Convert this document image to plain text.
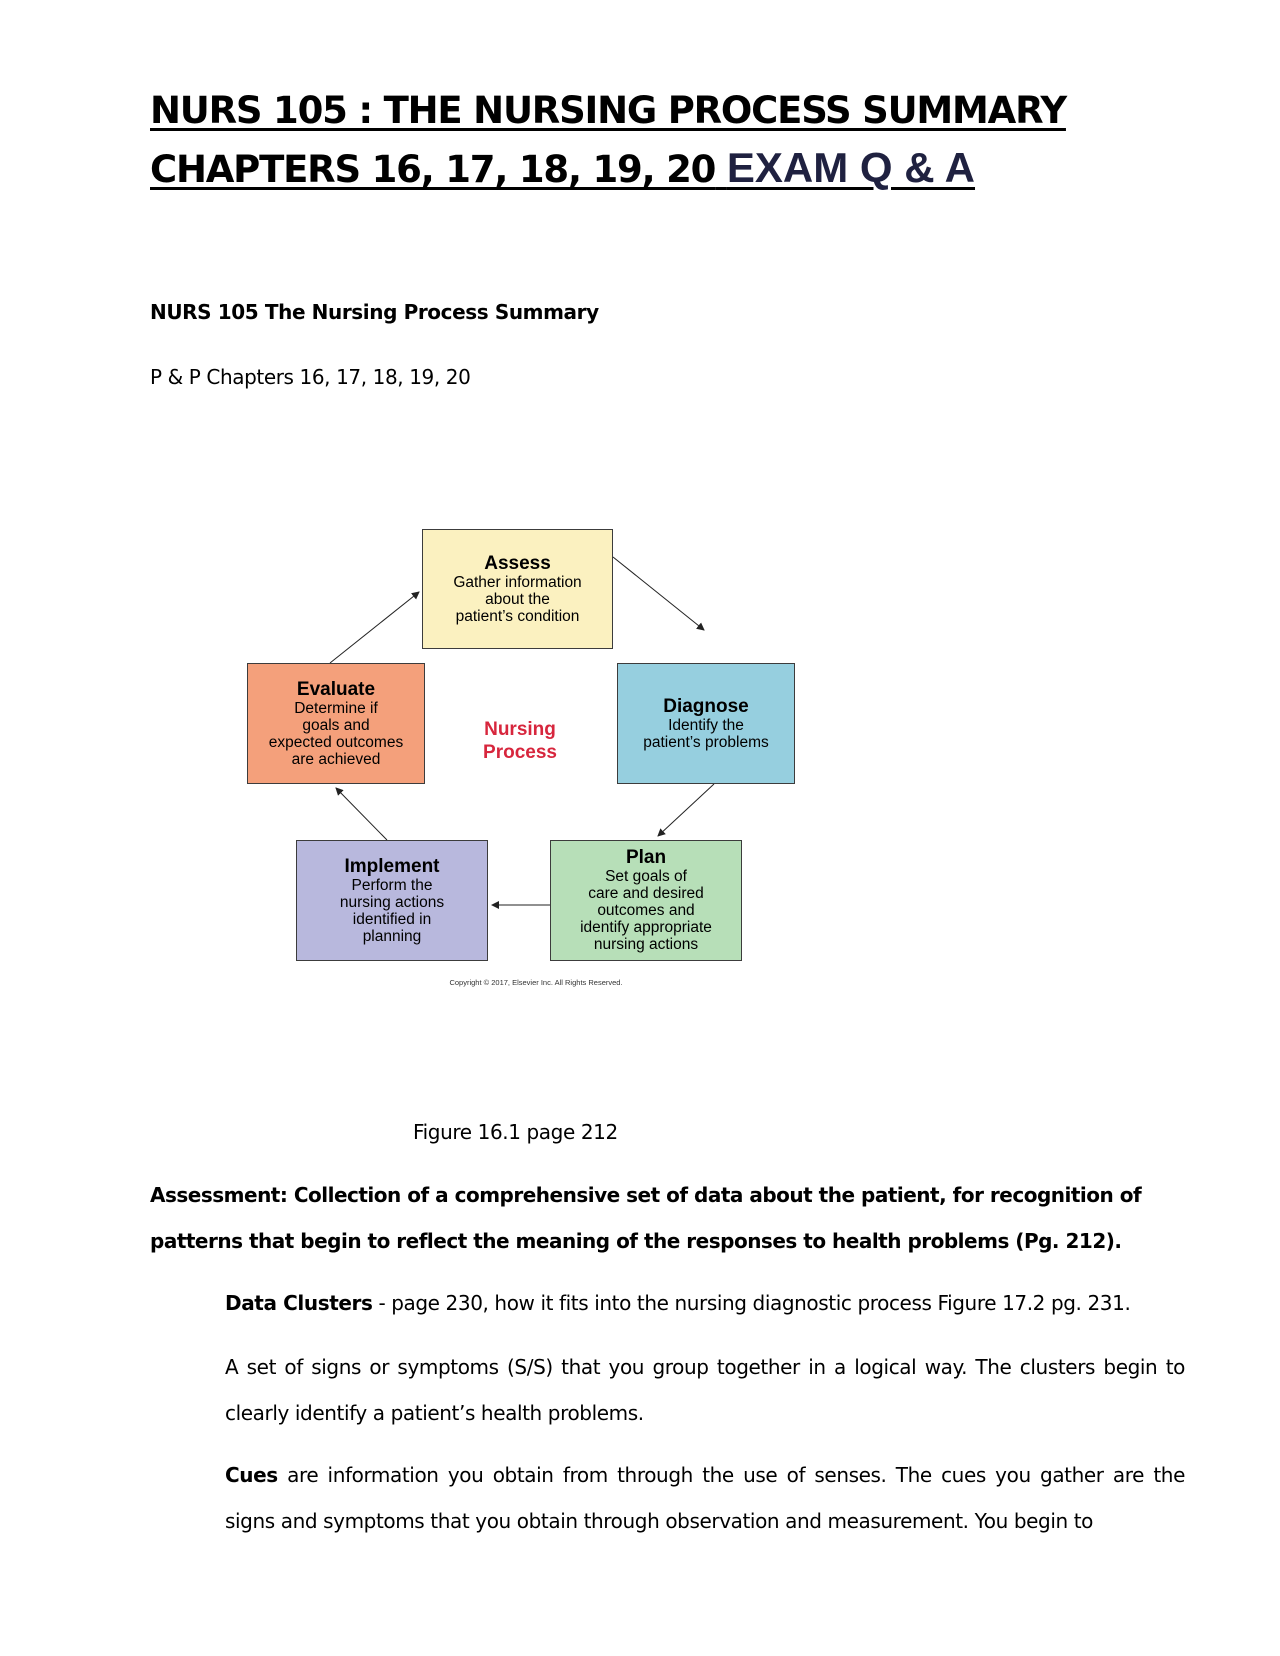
NURS 105 : THE NURSING PROCESS SUMMARY
CHAPTERS 16, 17, 18, 19, 20 EXAM Q & A

NURS 105 The Nursing Process Summary

P & P Chapters 16, 17, 18, 19, 20

Assess
Gather information
about the
patient’s condition
Diagnose
Identify the
patient’s problems
Plan
Set goals of
care and desired
outcomes and
identify appropriate
nursing actions
Implement
Perform the
nursing actions
identified in
planning
Evaluate
Determine if
goals and
expected outcomes
are achieved
Nursing
Process
Copyright © 2017, Elsevier Inc. All Rights Reserved.

Figure 16.1 page 212

Assessment: Collection of a comprehensive set of data about the patient, for recognition of patterns that begin to reflect the meaning of the responses to health problems (Pg. 212).

Data Clusters - page 230, how it fits into the nursing diagnostic process Figure 17.2 pg. 231.

A set of signs or symptoms (S/S) that you group together in a logical way. The clusters begin to clearly identify a patient’s health problems.

Cues are information you obtain from through the use of senses. The cues you gather are the signs and symptoms that you obtain through observation and measurement. You begin to
